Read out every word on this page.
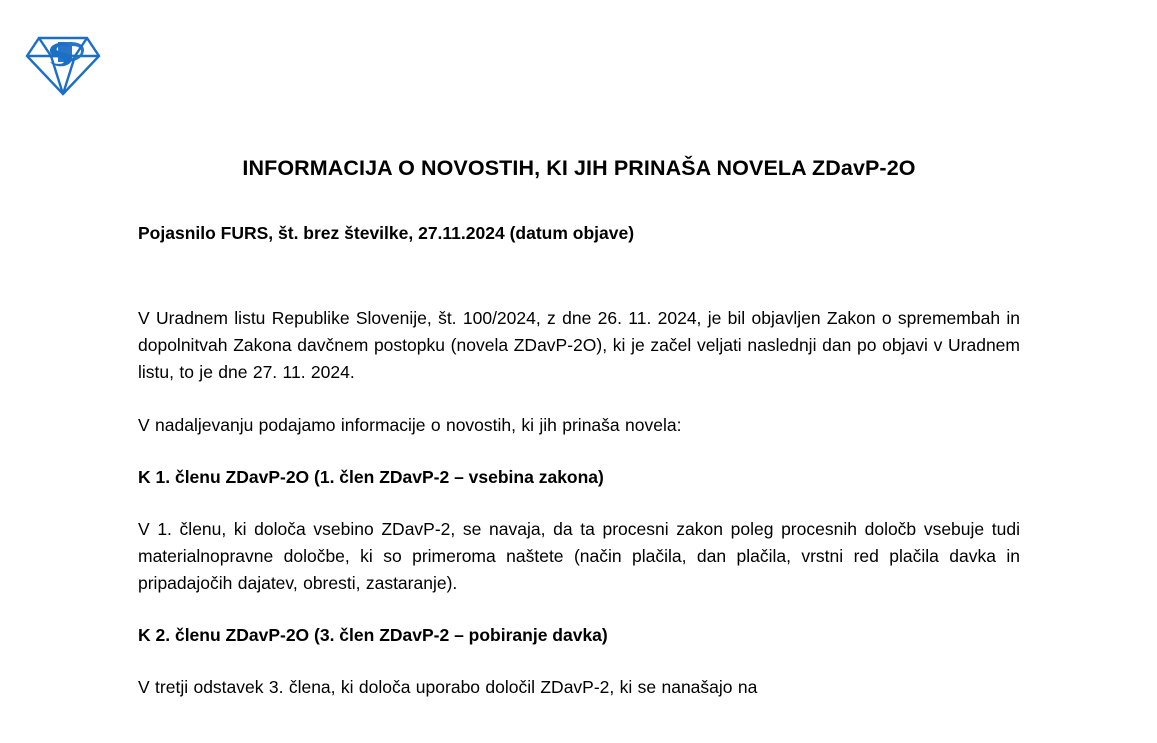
INFORMACIJA O NOVOSTIH, KI JIH PRINAŠA NOVELA ZDavP-2O
Pojasnilo FURS, št. brez številke, 27.11.2024 (datum objave)

V Uradnem listu Republike Slovenije, št. 100/2024, z dne 26. 11. 2024, je bil objavljen Zakon o spremembah in dopolnitvah Zakona davčnem postopku (novela ZDavP-2O), ki je začel veljati naslednji dan po objavi v Uradnem listu, to je dne 27. 11. 2024.

V nadaljevanju podajamo informacije o novostih, ki jih prinaša novela:

K 1. členu ZDavP-2O (1. člen ZDavP-2 – vsebina zakona)

V 1. členu, ki določa vsebino ZDavP-2, se navaja, da ta procesni zakon poleg procesnih določb vsebuje tudi materialnopravne določbe, ki so primeroma naštete (način plačila, dan plačila, vrstni red plačila davka in pripadajočih dajatev, obresti, zastaranje).

K 2. členu ZDavP-2O (3. člen ZDavP-2 – pobiranje davka)

V tretji odstavek 3. člena, ki določa uporabo določil ZDavP-2, ki se nanašajo na
